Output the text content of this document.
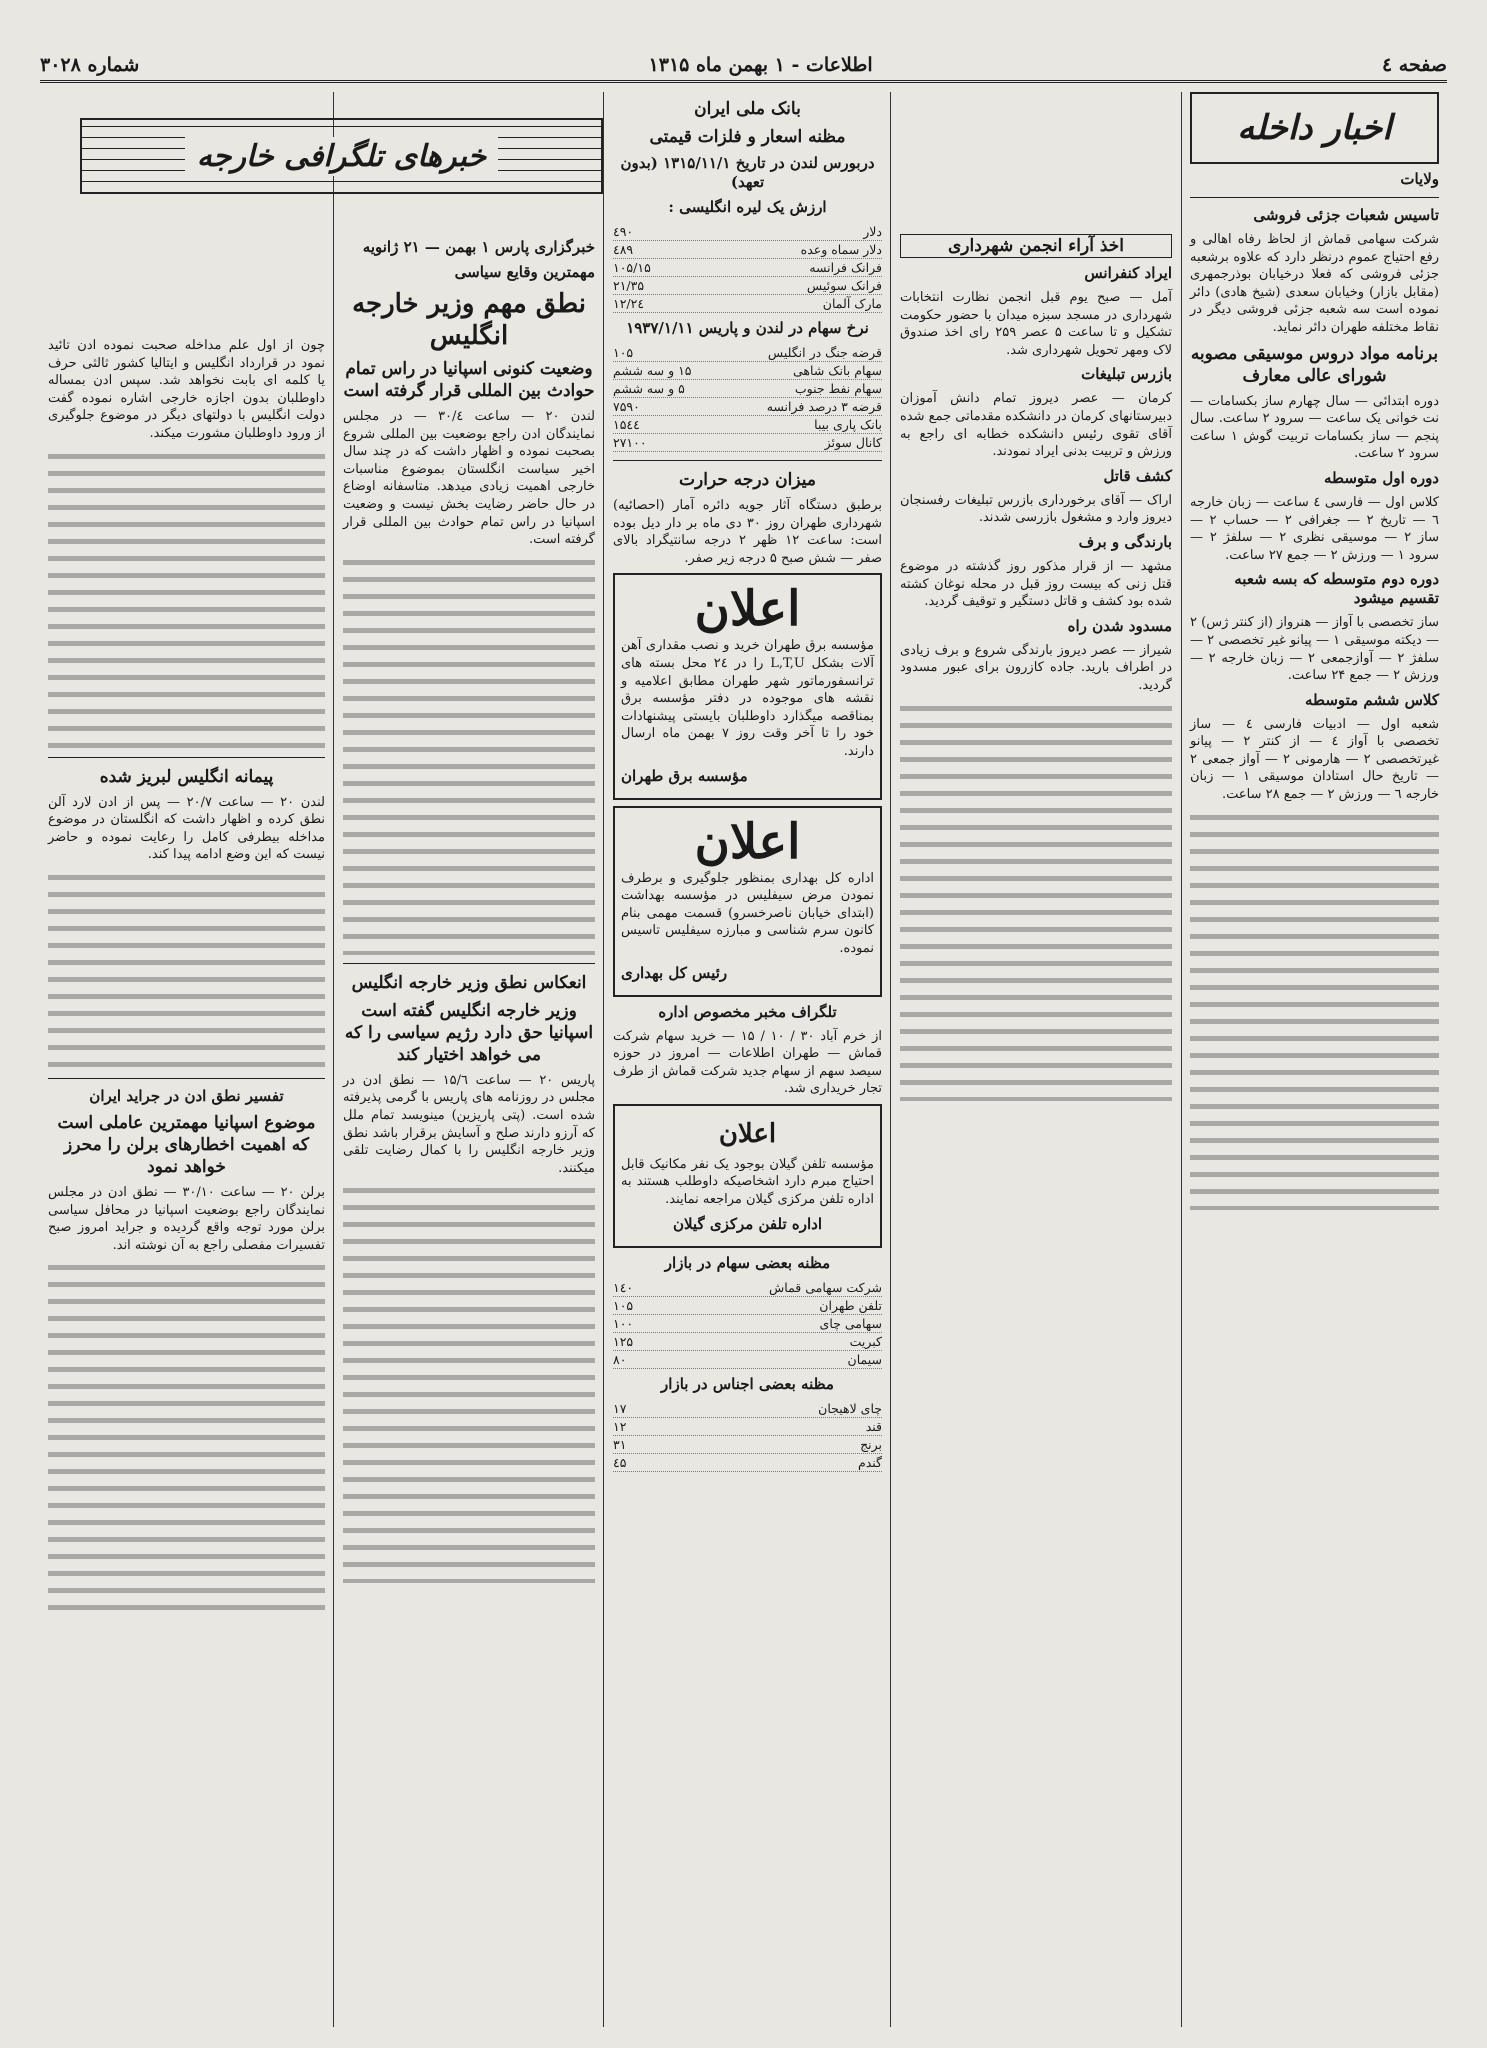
صفحه ٤
اطلاعات - ۱ بهمن ماه ۱۳۱۵
شماره ۳۰۲۸
اخبار داخله
ولایات
تاسیس شعبات جزئی فروشی

شرکت سهامی قماش از لحاظ رفاه اهالی و رفع احتیاج عموم درنظر دارد که علاوه برشعبه جزئی فروشی که فعلا درخیابان بوذرجمهری (مقابل بازار) وخیابان سعدی (شیخ هادی) دائر نموده است سه شعبه جزئی فروشی دیگر در نقاط مختلفه طهران دائر نماید.

برنامه مواد دروس موسیقی مصوبه شورای عالی معارف

دوره ابتدائی — سال چهارم ساز بکسامات — نت خوانی یک ساعت — سرود ۲ ساعت. سال پنجم — ساز بکسامات تربیت گوش ۱ ساعت سرود ۲ ساعت.

دوره اول متوسطه

کلاس اول — فارسی ٤ ساعت — زبان خارجه ٦ — تاریخ ۲ — جغرافی ۲ — حساب ۲ — ساز ۲ — موسیقی نظری ۲ — سلفژ ۲ — سرود ۱ — ورزش ۲ — جمع ۲۷ ساعت.

دوره دوم متوسطه که بسه شعبه تقسیم میشود

ساز تخصصی با آواز — هنرواز (از کنتر ژس) ۲ — دیکته موسیقی ۱ — پیانو غیر تخصصی ۲ — سلفژ ۲ — آوازجمعی ۲ — زبان خارجه ۲ — ورزش ۲ — جمع ۲۴ ساعت.

کلاس ششم متوسطه

شعبه اول — ادبیات فارسی ٤ — ساز تخصصی با آواز ٤ — از کنتر ۲ — پیانو غیرتخصصی ۲ — هارمونی ۲ — آواز جمعی ۲ — تاریخ حال استادان موسیقی ۱ — زبان خارجه ٦ — ورزش ۲ — جمع ۲۸ ساعت.

اخذ آراء انجمن شهرداری
ایراد کنفرانس

آمل — صبح یوم قبل انجمن نظارت انتخابات شهرداری در مسجد سبزه میدان با حضور حکومت تشکیل و تا ساعت ۵ عصر ۲۵۹ رای اخذ صندوق لاک ومهر تحویل شهرداری شد.

بازرس تبلیغات

کرمان — عصر دیروز تمام دانش آموزان دبیرستانهای کرمان در دانشکده مقدماتی جمع شده آقای تقوی رئیس دانشکده خطابه ای راجع به ورزش و تربیت بدنی ایراد نمودند.

کشف قاتل

اراک — آقای برخورداری بازرس تبلیغات رفسنجان دیروز وارد و مشغول بازرسی شدند.

بارندگی و برف

مشهد — از قرار مذکور روز گذشته در موضوع قتل زنی که بیست روز قبل در محله نوغان کشته شده بود کشف و قاتل دستگیر و توقیف گردید.

مسدود شدن راه

شیراز — عصر دیروز بارندگی شروع و برف زیادی در اطراف بارید. جاده کازرون برای عبور مسدود گردید.

بانک ملی ایران
مظنه اسعار و فلزات قیمتی
دربورس لندن در تاریخ ۱۳۱۵/۱۱/۱ (بدون تعهد)
ارزش یک لیره انگلیسی :
دلار
٤٩٠
دلار سماه وعده
٤٨٩
فرانک فرانسه
۱۰۵/۱۵
فرانک سوئیس
۲۱/۳۵
مارک آلمان
۱۲/۲٤
نرخ سهام در لندن و پاریس ۱۹۳۷/۱/۱۱
قرضه جنگ در انگلیس
۱۰۵
سهام بانک شاهی
۱۵ و سه ششم
سهام نفط جنوب
۵ و سه ششم
قرضه ۳ درصد فرانسه
۷۵۹۰
بانک پاری بیبا
۱۵٤٤
کانال سوئز
۲۷۱۰۰
میزان درجه حرارت

برطبق دستگاه آثار جویه دائره آمار (احصائیه) شهرداری طهران روز ۳۰ دی ماه بر دار دیل بوده است: ساعت ۱۲ ظهر ۲ درجه سانتیگراد بالای صفر — شش صبح ۵ درجه زیر صفر.

اعلان

مؤسسه برق طهران خرید و نصب مقداری آهن آلات بشکل L,T,U را در ۲٤ محل بسته های ترانسفورماتور شهر طهران مطابق اعلامیه و نقشه های موجوده در دفتر مؤسسه برق بمناقصه میگذارد داوطلبان بایستی پیشنهادات خود را تا آخر وقت روز ۷ بهمن ماه ارسال دارند.

مؤسسه برق طهران
اعلان

اداره کل بهداری بمنظور جلوگیری و برطرف نمودن مرض سیفلیس در مؤسسه بهداشت (ابتدای خیابان ناصرخسرو) قسمت مهمی بنام کانون سرم شناسی و مبارزه سیفلیس تاسیس نموده.

رئیس کل بهداری
تلگراف مخبر مخصوص اداره

از خرم آباد ۳۰ / ۱۰ / ۱۵ — خرید سهام شرکت قماش — طهران اطلاعات — امروز در حوزه سیصد سهم از سهام جدید شرکت قماش از طرف تجار خریداری شد.

اعلان

مؤسسه تلفن گیلان بوجود یک نفر مکانیک قابل احتیاج مبرم دارد اشخاصیکه داوطلب هستند به اداره تلفن مرکزی گیلان مراجعه نمایند.

اداره تلفن مرکزی گیلان
مظنه بعضی سهام در بازار
شرکت سهامی قماش
۱٤۰
تلفن طهران
۱۰۵
سهامی چای
۱۰۰
کبریت
۱۲۵
سیمان
۸۰
مظنه بعضی اجناس در بازار
چای لاهیجان
۱۷
قند
۱۲
برنج
۳۱
گندم
٤۵
خبرهای تلگرافی خارجه
خبرگزاری پارس ۱ بهمن — ۲۱ ژانویه
مهمترین وقایع سیاسی
نطق مهم وزیر خارجه انگلیس
وضعیت کنونی اسپانیا در راس تمام حوادث بین المللی قرار گرفته است

لندن ۲۰ — ساعت ۳۰/٤ — در مجلس نمایندگان ادن راجع بوضعیت بین المللی شروع بصحبت نموده و اظهار داشت که در چند سال اخیر سیاست انگلستان بموضوع مناسبات خارجی اهمیت زیادی میدهد. متاسفانه اوضاع در حال حاضر رضایت بخش نیست و وضعیت اسپانیا در راس تمام حوادث بین المللی قرار گرفته است.

انعکاس نطق وزیر خارجه انگلیس
وزیر خارجه انگلیس گفته است اسپانیا حق دارد رژیم سیاسی را که می خواهد اختیار کند

پاریس ۲۰ — ساعت ۱۵/٦ — نطق ادن در مجلس در روزنامه های پاریس با گرمی پذیرفته شده است. (پتی پاریزین) مینویسد تمام ملل که آرزو دارند صلح و آسایش برقرار باشد نطق وزیر خارجه انگلیس را با کمال رضایت تلقی میکنند.

چون از اول علم مداخله صحبت نموده ادن تائید نمود در قرارداد انگلیس و ایتالیا کشور ثالثی حرف یا کلمه ای بابت نخواهد شد. سپس ادن بمساله داوطلبان بدون اجازه خارجی اشاره نموده گفت دولت انگلیس با دولتهای دیگر در موضوع جلوگیری از ورود داوطلبان مشورت میکند.

پیمانه انگلیس لبریز شده

لندن ۲۰ — ساعت ۲۰/۷ — پس از ادن لارد آلن نطق کرده و اظهار داشت که انگلستان در موضوع مداخله بیطرفی کامل را رعایت نموده و حاضر نیست که این وضع ادامه پیدا کند.

تفسیر نطق ادن در جراید ایران
موضوع اسپانیا مهمترین عاملی است که اهمیت اخطارهای برلن را محرز خواهد نمود

برلن ۲۰ — ساعت ۳۰/۱۰ — نطق ادن در مجلس نمایندگان راجع بوضعیت اسپانیا در محافل سیاسی برلن مورد توجه واقع گردیده و جراید امروز صبح تفسیرات مفصلی راجع به آن نوشته اند.
